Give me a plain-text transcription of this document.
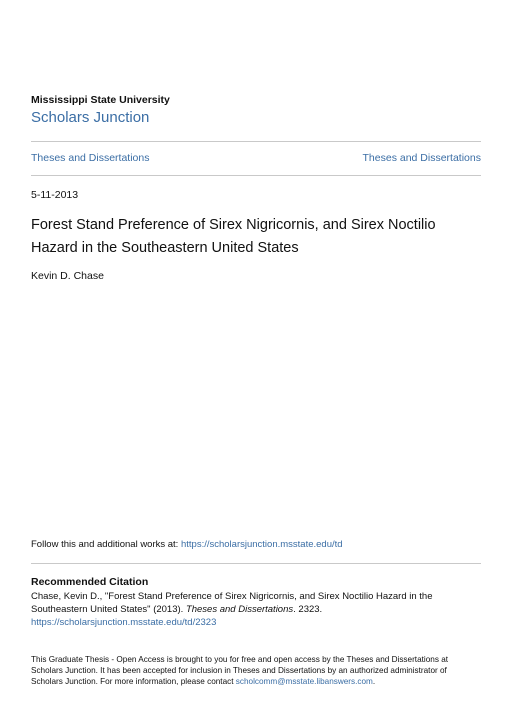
Mississippi State University
Scholars Junction
Theses and Dissertations	Theses and Dissertations
5-11-2013
Forest Stand Preference of Sirex Nigricornis, and Sirex Noctilio
Hazard in the Southeastern United States
Kevin D. Chase
Follow this and additional works at: https://scholarsjunction.msstate.edu/td
Recommended Citation
Chase, Kevin D., "Forest Stand Preference of Sirex Nigricornis, and Sirex Noctilio Hazard in the
Southeastern United States" (2013). Theses and Dissertations. 2323.
https://scholarsjunction.msstate.edu/td/2323
This Graduate Thesis - Open Access is brought to you for free and open access by the Theses and Dissertations at
Scholars Junction. It has been accepted for inclusion in Theses and Dissertations by an authorized administrator of
Scholars Junction. For more information, please contact scholcomm@msstate.libanswers.com.
